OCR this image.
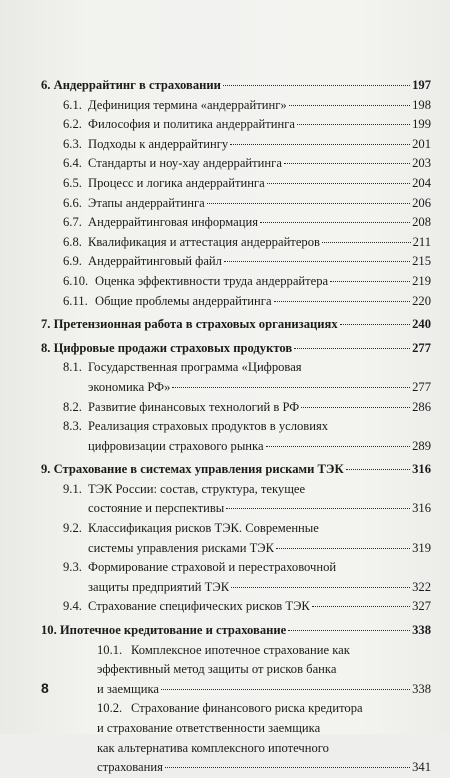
6. Андеррайтинг в страховании	197
6.1. Дефиниция термина «андеррайтинг»	198
6.2. Философия и политика андеррайтинга	199
6.3. Подходы к андеррайтингу	201
6.4. Стандарты и ноу-хау андеррайтинга	203
6.5. Процесс и логика андеррайтинга	204
6.6. Этапы андеррайтинга	206
6.7. Андеррайтинговая информация	208
6.8. Квалификация и аттестация андеррайтеров	211
6.9. Андеррайтинговый файл	215
6.10. Оценка эффективности труда андеррайтера	219
6.11. Общие проблемы андеррайтинга	220
7. Претензионная работа в страховых организациях	240
8. Цифровые продажи страховых продуктов	277
8.1. Государственная программа «Цифровая
экономика РФ»	277
8.2. Развитие финансовых технологий в РФ	286
8.3. Реализация страховых продуктов в условиях
цифровизации страхового рынка	289
9. Страхование в системах управления рисками ТЭК	316
9.1. ТЭК России: состав, структура, текущее
состояние и перспективы	316
9.2. Классификация рисков ТЭК. Современные
системы управления рисками ТЭК	319
9.3. Формирование страховой и перестраховочной
защиты предприятий ТЭК	322
9.4. Страхование специфических рисков ТЭК	327
10. Ипотечное кредитование и страхование	338
10.1. Комплексное ипотечное страхование как
эффективный метод защиты от рисков банка
и заемщика	338
10.2. Страхование финансового риска кредитора
и страхование ответственности заемщика
как альтернатива комплексного ипотечного
страхования	341
8
